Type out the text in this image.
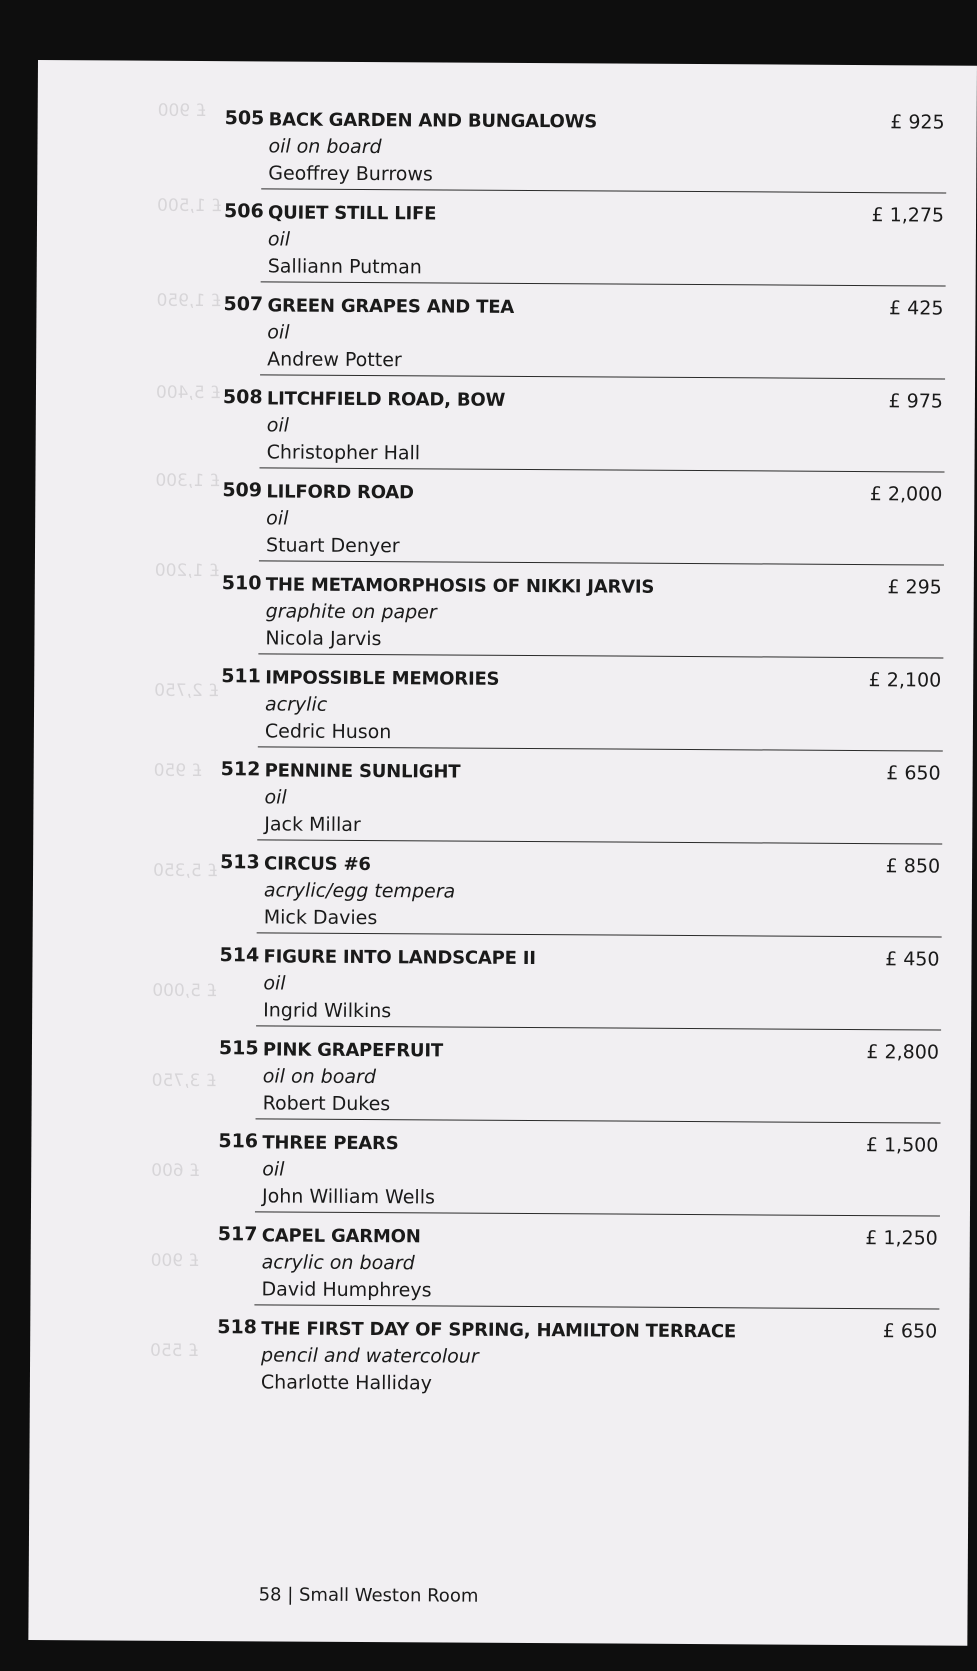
£ 900
£ 1,500
£ 1,950
£ 5,400
£ 1,300
£ 1,200
£ 2,750
£ 950
£ 5,350
£ 5,000
£ 3,750
£ 600
£ 900
£ 550
505 BACK GARDEN AND BUNGALOWS
oil on board
Geoffrey Burrows
£ 925
506 QUIET STILL LIFE
oil
Salliann Putman
£ 1,275
507 GREEN GRAPES AND TEA
oil
Andrew Potter
£ 425
508 LITCHFIELD ROAD, BOW
oil
Christopher Hall
£ 975
509 LILFORD ROAD
oil
Stuart Denyer
£ 2,000
510 THE METAMORPHOSIS OF NIKKI JARVIS
graphite on paper
Nicola Jarvis
£ 295
511 IMPOSSIBLE MEMORIES
acrylic
Cedric Huson
£ 2,100
512 PENNINE SUNLIGHT
oil
Jack Millar
£ 650
513 CIRCUS #6
acrylic/egg tempera
Mick Davies
£ 850
514 FIGURE INTO LANDSCAPE II
oil
Ingrid Wilkins
£ 450
515 PINK GRAPEFRUIT
oil on board
Robert Dukes
£ 2,800
516 THREE PEARS
oil
John William Wells
£ 1,500
517 CAPEL GARMON
acrylic on board
David Humphreys
£ 1,250
518 THE FIRST DAY OF SPRING, HAMILTON TERRACE
pencil and watercolour
Charlotte Halliday
£ 650
58 | Small Weston Room
